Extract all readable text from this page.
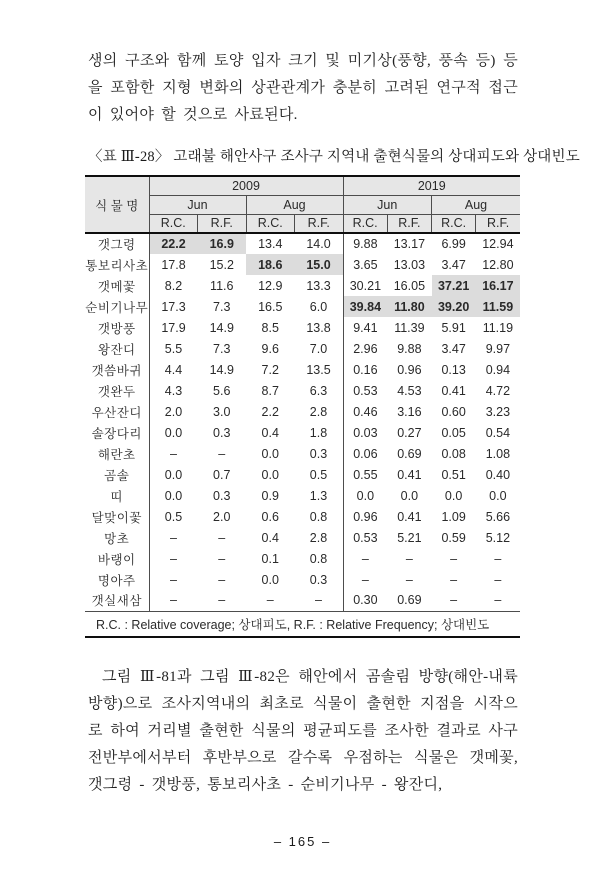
생의 구조와 함께 토양 입자 크기 및 미기상(풍향, 풍속 등) 등을 포함한 지형 변화의 상관관계가 충분히 고려된 연구적 접근이 있어야 할 것으로 사료된다.

〈표 Ⅲ-28〉 고래불 해안사구 조사구 지역내 출현식물의 상대피도와 상대빈도

식 물 명	2009				2019			
	Jun		Aug		Jun		Aug	
	R.C.	R.F.	R.C.	R.F.	R.C.	R.F.	R.C.	R.F.
갯그령	22.2	16.9	13.4	14.0	9.88	13.17	6.99	12.94
통보리사초	17.8	15.2	18.6	15.0	3.65	13.03	3.47	12.80
갯메꽃	8.2	11.6	12.9	13.3	30.21	16.05	37.21	16.17
순비기나무	17.3	7.3	16.5	6.0	39.84	11.80	39.20	11.59
갯방풍	17.9	14.9	8.5	13.8	9.41	11.39	5.91	11.19
왕잔디	5.5	7.3	9.6	7.0	2.96	9.88	3.47	9.97
갯씀바귀	4.4	14.9	7.2	13.5	0.16	0.96	0.13	0.94
갯완두	4.3	5.6	8.7	6.3	0.53	4.53	0.41	4.72
우산잔디	2.0	3.0	2.2	2.8	0.46	3.16	0.60	3.23
솔장다리	0.0	0.3	0.4	1.8	0.03	0.27	0.05	0.54
해란초	–	–	0.0	0.3	0.06	0.69	0.08	1.08
곰솔	0.0	0.7	0.0	0.5	0.55	0.41	0.51	0.40
띠	0.0	0.3	0.9	1.3	0.0	0.0	0.0	0.0
달맞이꽃	0.5	2.0	0.6	0.8	0.96	0.41	1.09	5.66
망초	–	–	0.4	2.8	0.53	5.21	0.59	5.12
바랭이	–	–	0.1	0.8	–	–	–	–
명아주	–	–	0.0	0.3	–	–	–	–
갯실새삼	–	–	–	–	0.30	0.69	–	–
R.C. : Relative coverage; 상대피도, R.F. : Relative Frequency; 상대빈도								

그림 Ⅲ-81과 그림 Ⅲ-82은 해안에서 곰솔림 방향(해안-내륙 방향)으로 조사지역내의 최초로 식물이 출현한 지점을 시작으로 하여 거리별 출현한 식물의 평균피도를 조사한 결과로 사구 전반부에서부터 후반부으로 갈수록 우점하는 식물은 갯메꽃, 갯그령 - 갯방풍, 통보리사초 - 순비기나무 - 왕잔디,

– 165 –
